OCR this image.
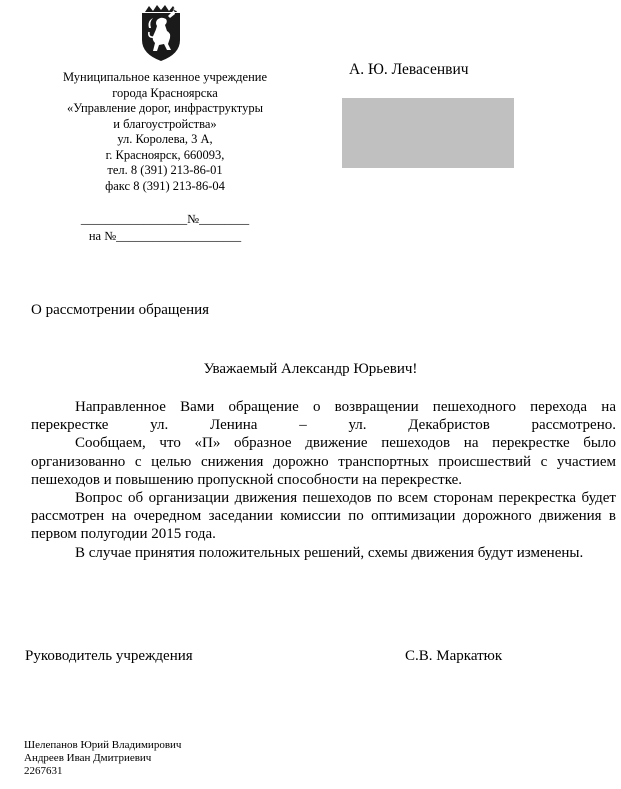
Муниципальное казенное учреждение
города Красноярска
«Управление дорог, инфраструктуры
и благоустройства»
ул. Королева, 3 А,
г. Красноярск, 660093,
тел. 8 (391) 213-86-01
факс 8 (391) 213-86-04
_________________№________
на №____________________
А. Ю. Левасенвич
О рассмотрении обращения
Уважаемый Александр Юрьевич!

Направленное Вами обращение о возвращении пешеходного перехода на перекрестке ул. Ленина – ул. Декабристов рассмотрено.

Сообщаем, что «П» образное движение пешеходов на перекрестке было организованно с целью снижения дорожно транспортных происшествий с участием пешеходов и повышению пропускной способности на перекрестке.

Вопрос об организации движения пешеходов по всем сторонам перекрестка будет рассмотрен на очередном заседании комиссии по оптимизации дорожного движения в первом полугодии 2015 года.

В случае принятия положительных решений, схемы движения будут изменены.

Руководитель учреждения	С.В. Маркатюк
Шелепанов Юрий Владимирович
Андреев Иван Дмитриевич
2267631
